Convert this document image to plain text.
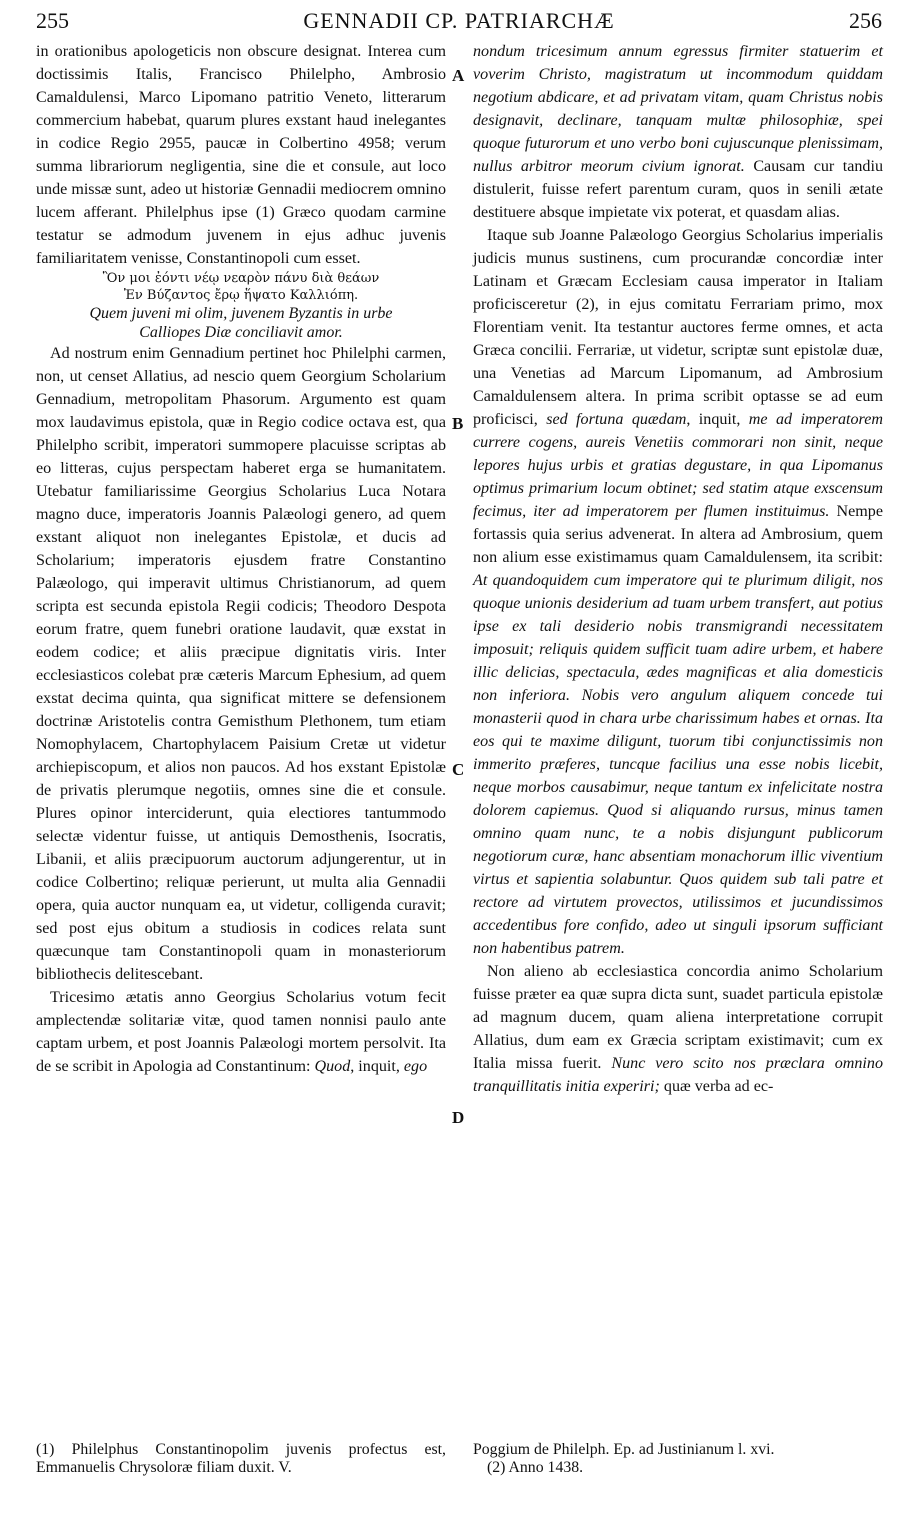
255	GENNADII CP. PATRIARCHÆ	256

in orationibus apologeticis non obscure designat. Interea cum doctissimis Italis, Francisco Philelpho, Ambrosio Camaldulensi, Marco Lipomano patritio Veneto, litterarum commercium habebat, quarum plures exstant haud inelegantes in codice Regio 2955, paucæ in Colbertino 4958; verum summa librariorum negligentia, sine die et consule, aut loco unde missæ sunt, adeo ut historiæ Gennadii mediocrem omnino lucem afferant. Philelphus ipse (1) Græco quodam carmine testatur se admodum juvenem in ejus adhuc juvenis familiaritatem venisse, Constantinopoli cum esset.

Ὃν μοι ἐόντι νέῳ νεαρὸν πάνυ διὰ θεάων

Ἐν Βύζαντος ἔρῳ ἥψατο Καλλιόπη.

Quem juveni mi olim, juvenem Byzantis in urbe

Calliopes Diæ conciliavit amor.

Ad nostrum enim Gennadium pertinet hoc Philelphi carmen, non, ut censet Allatius, ad nescio quem Georgium Scholarium Gennadium, metropolitam Phasorum. Argumento est quam mox laudavimus epistola, quæ in Regio codice octava est, qua Philelpho scribit, imperatori summopere placuisse scriptas ab eo litteras, cujus perspectam haberet erga se humanitatem. Utebatur familiarissime Georgius Scholarius Luca Notara magno duce, imperatoris Joannis Palæologi genero, ad quem exstant aliquot non inelegantes Epistolæ, et ducis ad Scholarium; imperatoris ejusdem fratre Constantino Palæologo, qui imperavit ultimus Christianorum, ad quem scripta est secunda epistola Regii codicis; Theodoro Despota eorum fratre, quem funebri oratione laudavit, quæ exstat in eodem codice; et aliis præcipue dignitatis viris. Inter ecclesiasticos colebat præ cæteris Marcum Ephesium, ad quem exstat decima quinta, qua significat mittere se defensionem doctrinæ Aristotelis contra Gemisthum Plethonem, tum etiam Nomophylacem, Chartophylacem Paisium Cretæ ut videtur archiepiscopum, et alios non paucos. Ad hos exstant Epistolæ de privatis plerumque negotiis, omnes sine die et consule. Plures opinor interciderunt, quia electiores tantummodo selectæ videntur fuisse, ut antiquis Demosthenis, Isocratis, Libanii, et aliis præcipuorum auctorum adjungerentur, ut in codice Colbertino; reliquæ perierunt, ut multa alia Gennadii opera, quia auctor nunquam ea, ut videtur, colligenda curavit; sed post ejus obitum a studiosis in codices relata sunt quæcunque tam Constantinopoli quam in monasteriorum bibliothecis delitescebant.

Tricesimo ætatis anno Georgius Scholarius votum fecit amplectendæ solitariæ vitæ, quod tamen nonnisi paulo ante captam urbem, et post Joannis Palæologi mortem persolvit. Ita de se scribit in Apologia ad Constantinum: Quod, inquit, ego

A
B
C
D

nondum tricesimum annum egressus firmiter statuerim et voverim Christo, magistratum ut incommodum quiddam negotium abdicare, et ad privatam vitam, quam Christus nobis designavit, declinare, tanquam multæ philosophiæ, spei quoque futurorum et uno verbo boni cujuscunque plenissimam, nullus arbitror meorum civium ignorat. Causam cur tandiu distulerit, fuisse refert parentum curam, quos in senili ætate destituere absque impietate vix poterat, et quasdam alias.

Itaque sub Joanne Palæologo Georgius Scholarius imperialis judicis munus sustinens, cum procurandæ concordiæ inter Latinam et Græcam Ecclesiam causa imperator in Italiam proficisceretur (2), in ejus comitatu Ferrariam primo, mox Florentiam venit. Ita testantur auctores ferme omnes, et acta Græca concilii. Ferrariæ, ut videtur, scriptæ sunt epistolæ duæ, una Venetias ad Marcum Lipomanum, ad Ambrosium Camaldulensem altera. In prima scribit optasse se ad eum proficisci, sed fortuna quædam, inquit, me ad imperatorem currere cogens, aureis Venetiis commorari non sinit, neque lepores hujus urbis et gratias degustare, in qua Lipomanus optimus primarium locum obtinet; sed statim atque exscensum fecimus, iter ad imperatorem per flumen instituimus. Nempe fortassis quia serius advenerat. In altera ad Ambrosium, quem non alium esse existimamus quam Camaldulensem, ita scribit: At quandoquidem cum imperatore qui te plurimum diligit, nos quoque unionis desiderium ad tuam urbem transfert, aut potius ipse ex tali desiderio nobis transmigrandi necessitatem imposuit; reliquis quidem sufficit tuam adire urbem, et habere illic delicias, spectacula, ædes magnificas et alia domesticis non inferiora. Nobis vero angulum aliquem concede tui monasterii quod in chara urbe charissimum habes et ornas. Ita eos qui te maxime diligunt, tuorum tibi conjunctissimis non immerito præferes, tuncque facilius una esse nobis licebit, neque morbos causabimur, neque tantum ex infelicitate nostra dolorem capiemus. Quod si aliquando rursus, minus tamen omnino quam nunc, te a nobis disjungunt publicorum negotiorum curæ, hanc absentiam monachorum illic viventium virtus et sapientia solabuntur. Quos quidem sub tali patre et rectore ad virtutem provectos, utilissimos et jucundissimos accedentibus fore confido, adeo ut singuli ipsorum sufficiant non habentibus patrem.

Non alieno ab ecclesiastica concordia animo Scholarium fuisse præter ea quæ supra dicta sunt, suadet particula epistolæ ad magnum ducem, quam aliena interpretatione corrupit Allatius, dum eam ex Græcia scriptam existimavit; cum ex Italia missa fuerit. Nunc vero scito nos præclara omnino tranquillitatis initia experiri; quæ verba ad ec-

(1) Philelphus Constantinopolim juvenis profectus est, Emmanuelis Chrysoloræ filiam duxit. V.

Poggium de Philelph. Ep. ad Justinianum l. xvi.

(2) Anno 1438.
